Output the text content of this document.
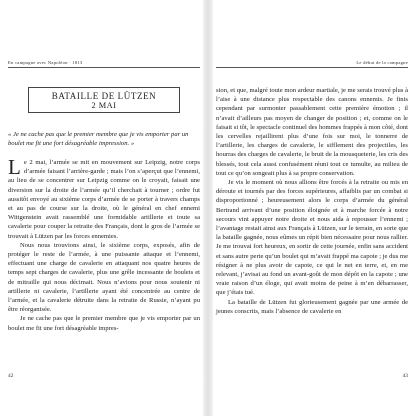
En campagne avec Napoléon · 1813
BATAILLE DE LÜTZEN
2 MAI
« Je ne cache pas que le premier membre que je vis emporter par un boulet me fit une fort désagréable impression. »

Le 2 mai, l’armée se mit en mouvement sur Leipzig, notre corps d’armée faisant l’arrière-garde ; mais l’on s’aperçut que l’ennemi, au lieu de se concentrer sur Leipzig comme on le croyait, faisait une diversion sur la droite de l’armée qu’il cherchait à tourner ; ordre fut aussitôt envoyé au sixième corps d’armée de se porter à travers champs et au pas de course sur la droite, où le général en chef ennemi Wittgenstein avait rassemblé une formidable artillerie et toute sa cavalerie pour couper la retraite des Français, dont le gros de l’armée se trouvait à Lützen par les forces ennemies.

Nous nous trouvions ainsi, le sixième corps, exposés, afin de protéger le reste de l’armée, à une puissante attaque et l’ennemi, effectuant une charge de cavalerie en attaquant nos quatre heures de temps sept charges de cavalerie, plus une grêle incessante de boulets et de mitraille qui nous décimait. Nous n’avions pour nous soutenir ni artillerie ni cavalerie, l’artillerie ayant été concentrée au centre de l’armée, et la cavalerie détruite dans la retraite de Russie, n’ayant pu être réorganisée.

Je ne cache pas que le premier membre que je vis emporter par un boulet me fit une fort désagréable impres-

42
Le début de la campagne

sion, et que, malgré toute mon ardeur martiale, je me serais trouvé plus à l’aise à une distance plus respectable des canons ennemis. Je finis cependant par surmonter passablement cette première émotion ; il n’avait d’ailleurs pas moyen de changer de position ; et, comme on le faisait si tôt, le spectacle continuel des hommes frappés à mon côté, dont les cervelles rejaillirent plus d’une fois sur moi, le tonnerre de l’artillerie, les charges de cavalerie, le sifflement des projectiles, les hourras des charges de cavalerie, le bruit de la mousqueterie, les cris des blessés, tout cela aussi confusément réuni tout ce tumulte, au milieu de tout ce qu’on songeait plus à sa propre conservation.

Je vis le moment où nous allions être forcés à la retraite ou mis en déroute et tournés par des forces supérieures, affaiblis par un combat si disproportionné ; heureusement alors le corps d’armée du général Bertrand arrivant d’une position éloignée et à marche forcée à notre secours vint appuyer notre droite et nous aida à repousser l’ennemi ; l’avantage restait ainsi aux Français à Lützen, sur le terrain, en sorte que la bataille gagnée, nous eûmes un répit bien nécessaire pour nous rallier. Je me trouvai fort heureux, en sortir de cette journée, enfin sans accident et sans autre perte qu’un boulet qui m’avait frappé ma capote ; je dus me résigner à ne plus avoir de capote, ce qui le net en terre, et, en me relevant, j’avisai au fond un avant-goût de mon dépôt en la capote ; une vraie raison d’un éloge, qui avait moins de peine à m’en débarrasser, que j’étais tué.

La bataille de Lützen fut glorieusement gagnée par une armée de jeunes conscrits, mais l’absence de cavalerie en

43
